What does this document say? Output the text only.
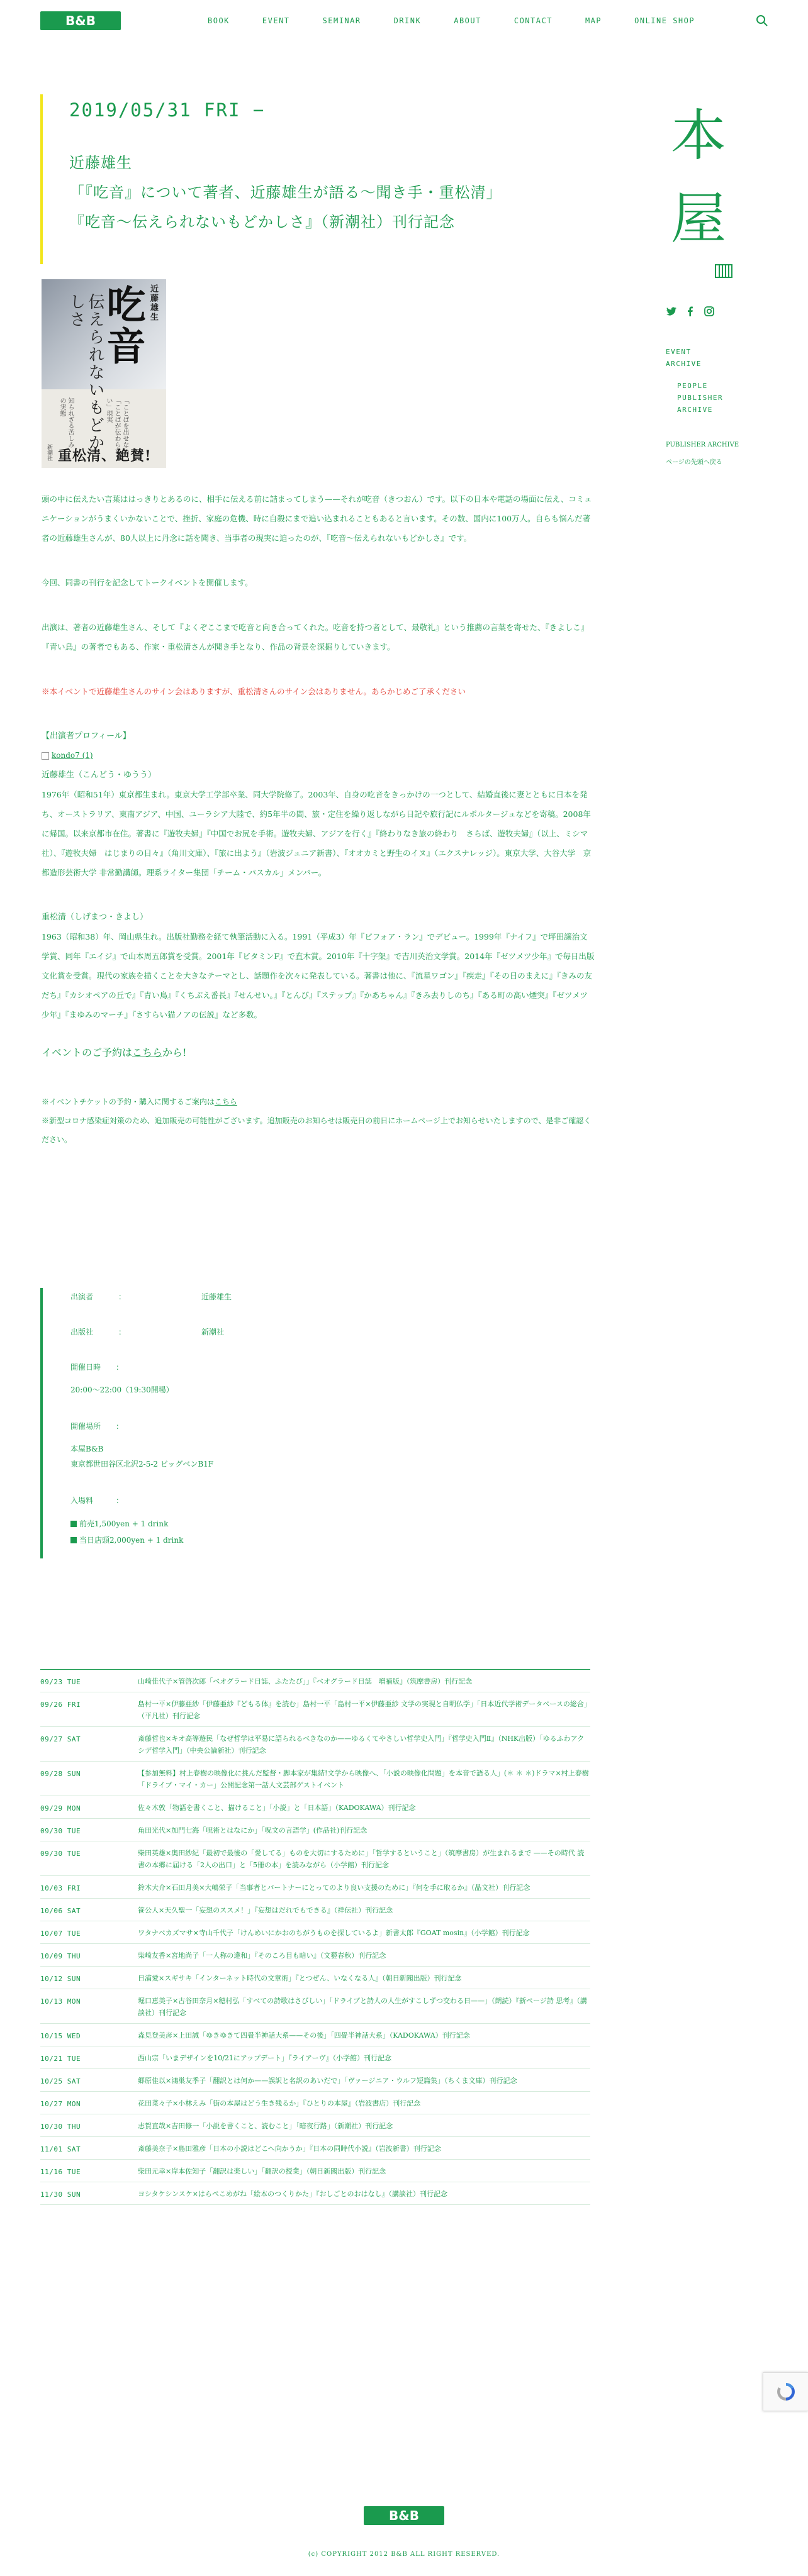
B&B	BOOK	EVENT	SEMINAR	DRINK	ABOUT	CONTACT	MAP	ONLINE SHOP
2019/05/31 FRI −
近藤雄生
「『吃音』について著者、近藤雄生が語る〜聞き手・重松清」
『吃音〜伝えられないもどかしさ』（新潮社）刊行記念
本
屋
EVENT
ARCHIVE
PEOPLE
PUBLISHER
ARCHIVE
PUBLISHER ARCHIVE
ページの先頭へ戻る
近藤雄生
吃音
伝えられないもどかしさ
「ことばを出せない」「ことばが伝わらない」現実
知られざる苦しみの実態
新潮社 重松清、絶賛!

頭の中に伝えたい言葉ははっきりとあるのに、相手に伝える前に詰まってしまう——それが吃音（きつおん）です。以下の日本や電話の場面に伝え、コミュニケーションがうまくいかないことで、挫折、家庭の危機、時に自殺にまで追い込まれることもあると言います。その数、国内に100万人。自らも悩んだ著者の近藤雄生さんが、80人以上に丹念に話を聞き、当事者の現実に迫ったのが、『吃音〜伝えられないもどかしさ』です。

今回、同書の刊行を記念してトークイベントを開催します。

出演は、著者の近藤雄生さん、そして『よくぞここまで吃音と向き合ってくれた。吃音を持つ者として、最敬礼』という推薦の言葉を寄せた、『きよしこ』『青い鳥』の著者でもある、作家・重松清さんが聞き手となり、作品の背景を深掘りしていきます。

※本イベントで近藤雄生さんのサイン会はありますが、重松清さんのサイン会はありません。あらかじめご了承ください

【出演者プロフィール】
kondo7 (1)
近藤雄生（こんどう・ゆうう）

1976年（昭和51年）東京都生まれ。東京大学工学部卒業、同大学院修了。2003年、自身の吃音をきっかけの一つとして、結婚直後に妻とともに日本を発ち、オーストラリア、東南アジア、中国、ユーラシア大陸で、約5年半の間、旅・定住を繰り返しながら日記や旅行記にルポルタージュなどを寄稿。2008年に帰国。以来京都市在住。著書に『遊牧夫婦』『中国でお尻を手術。遊牧夫婦、アジアを行く』『終わりなき旅の終わり　さらば、遊牧夫婦』（以上、ミシマ社）、『遊牧夫婦　はじまりの日々』（角川文庫）、『旅に出よう』（岩波ジュニア新書）、『オオカミと野生のイヌ』（エクスナレッジ）。東京大学、大谷大学　京都造形芸術大学 非常勤講師。理系ライター集団「チーム・パスカル」メンバー。

重松清（しげまつ・きよし）

1963（昭和38）年、岡山県生れ。出版社勤務を経て執筆活動に入る。1991（平成3）年『ビフォア・ラン』でデビュー。1999年『ナイフ』で坪田譲治文学賞、同年『エイジ』で山本周五郎賞を受賞。2001年『ビタミンF』で直木賞。2010年『十字架』で吉川英治文学賞。2014年『ゼツメツ少年』で毎日出版文化賞を受賞。現代の家族を描くことを大きなテーマとし、話題作を次々に発表している。著書は他に、『流星ワゴン』『疾走』『その日のまえに』『きみの友だち』『カシオペアの丘で』『青い鳥』『くちぶえ番長』『せんせい。』『とんび』『ステップ』『かあちゃん』『きみ去りしのち』『ある町の高い煙突』『ゼツメツ少年』『まゆみのマーチ』『さすらい猫ノアの伝説』など多数。

イベントのご予約はこちらから!
※イベントチケットの予約・購入に関するご案内はこちら
※新型コロナ感染症対策のため、追加販売の可能性がございます。追加販売のお知らせは販売日の前日にホームページ上でお知らせいたしますので、是非ご確認ください。
出演者	：	近藤雄生
出版社	：	新潮社
開催日時　　：
20:00〜22:00（19:30開場）
開催場所　　：
本屋B&B
東京都世田谷区北沢2-5-2 ビッグベンB1F
入場料　　　：
前売1,500yen + 1 drink
当日店頭2,000yen + 1 drink
09/23 TUE	山崎佳代子×管啓次郎「ベオグラード日誌、ふたたび」」『ベオグラード日誌　増補版』（筑摩書房）刊行記念
09/26 FRI	島村一平×伊藤亜紗「伊藤亜紗『どもる体』を読む」島村一平「島村一平×伊藤亜紗 文学の実現と自明仏学」「日本近代学術データベースの総合」（平凡社）刊行記念
09/27 SAT	斎藤哲也×キオ高等遊民「なぜ哲学は平易に語られるべきなのか——ゆるくてやさしい哲学史入門」『哲学史入門Ⅱ』（NHK出版）「ゆるふわアクシデ哲学入門」（中央公論新社）刊行記念
09/28 SUN	【参加無料】村上春樹の映像化に挑んだ監督・脚本家が集結!文学から映像へ、「小説の映像化問題」を本音で語る人」(＊ ＊ ＊)ドラマ×村上春樹「ドライブ・マイ・カー」公開記念第一話人文芸部ゲストイベント
09/29 MON	佐々木敦「物語を書くこと、描けること」「小説」と「日本語」（KADOKAWA）刊行記念
09/30 TUE	角田光代×加門七海「呪術とはなにか」「呪文の言語学」(作品社)刊行記念
09/30 TUE	柴田英雄×奥田紗紀「最初で最後の「愛してる」ものを大切にするために」「哲学するということ」（筑摩書房）が生まれるまで ——その時代 読書の本郷に届ける「2人の出口」と「5冊の本」を読みながら（小学館）刊行記念
10/03 FRI	鈴木大介×石田月美×大嶋栄子「当事者とパートナーにとってのより良い支援のために」『何を手に取るか』（晶文社）刊行記念
10/06 SAT	笹公人×天久聖一「妄想のススメ！」『妄想はだれでもできる』（祥伝社）刊行記念
10/07 TUE	ワタナベカズマサ×寺山千代子「けんめいにかおのちがうものを探しているよ」新書太郎『GOAT mosin』（小学館）刊行記念
10/09 THU	柴崎友香×宮地尚子「一人称の違和」『そのころ目も暗い』（文藝春秋）刊行記念
10/12 SUN	日浦愛×スギサキ「インターネット時代の文章術」『とつぜん、いなくなる人』（朝日新聞出版）刊行記念
10/13 MON	堀口恵美子×古谷田奈月×穂村弘「すべての詩歌はさびしい」「ドライブと詩人の人生がすこしずつ交わる日——」（朗読）『新ページ詩 思考』（講談社）刊行記念
10/15 WED	森見登美彦×上田誠「ゆきゆきて四畳半神話大系——その後」「四畳半神話大系」（KADOKAWA）刊行記念
10/21 TUE	西山宗「いまデザインを10/21にアップデート」『ライアーヴ』（小学館）刊行記念
10/25 SAT	郷原佳以×鴻巣友季子「翻訳とは何か——誤訳と名訳のあいだで」「ヴァージニア・ウルフ短篇集」（ちくま文庫）刊行記念
10/27 MON	花田菜々子×小林えみ「街の本屋はどう生き残るか」『ひとりの本屋』（岩波書店）刊行記念
10/30 THU	志賀直哉×吉田修一「小説を書くこと、読むこと」「暗夜行路」（新潮社）刊行記念
11/01 SAT	斎藤美奈子×島田雅彦「日本の小説はどこへ向かうか」『日本の同時代小説』（岩波新書）刊行記念
11/16 TUE	柴田元幸×岸本佐知子「翻訳は楽しい」「翻訳の授業」（朝日新聞出版）刊行記念
11/30 SUN	ヨシタケシンスケ×はらぺこめがね「絵本のつくりかた」『おしごとのおはなし』（講談社）刊行記念
B&B
(c) COPYRIGHT 2012 B&B ALL RIGHT RESERVED.
